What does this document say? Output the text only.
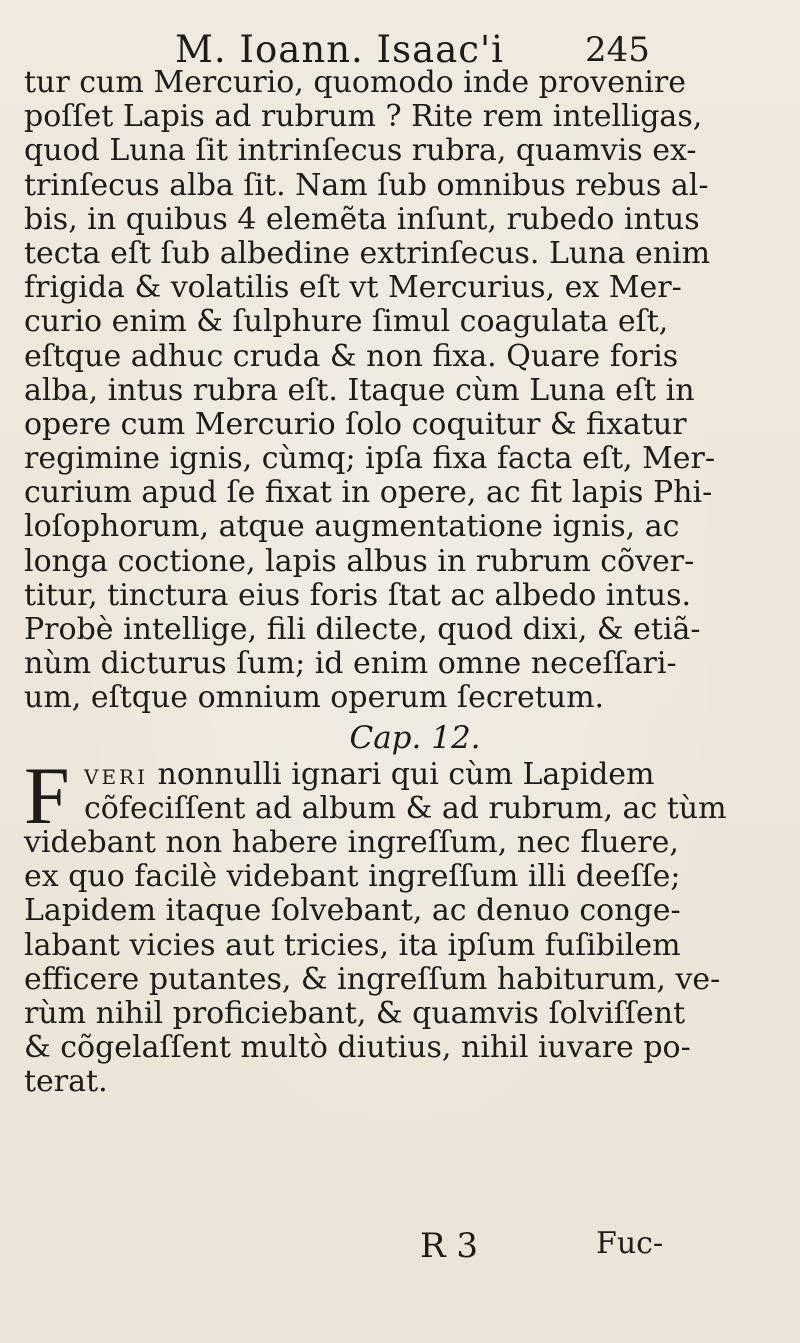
M. Ioann. Isaac'i 245
tur cum Mercurio, quomodo inde provenire
poſſet Lapis ad rubrum ? Rite rem intelligas,
quod Luna ſit intrinſecus rubra, quamvis ex-
trinſecus alba ſit. Nam ſub omnibus rebus al-
bis, in quibus 4 elemẽta inſunt, rubedo intus
tecta eſt ſub albedine extrinſecus. Luna enim
frigida & volatilis eſt vt Mercurius, ex Mer-
curio enim & ſulphure ſimul coagulata eſt,
eſtque adhuc cruda & non fixa. Quare foris
alba, intus rubra eſt. Itaque cùm Luna eſt in
opere cum Mercurio ſolo coquitur & fixatur
regimine ignis, cùmq; ipſa fixa facta eſt, Mer-
curium apud ſe fixat in opere, ac fit lapis Phi-
loſophorum, atque augmentatione ignis, ac
longa coctione, lapis albus in rubrum cõver-
titur, tinctura eius foris ſtat ac albedo intus.
Probè intellige, fili dilecte, quod dixi, & etiã-
nùm dicturus ſum; id enim omne neceſſari-
um, eſtque omnium operum ſecretum.
Cap. 12.
F VERI nonnulli ignari qui cùm Lapidem
cõfeciſſent ad album & ad rubrum, ac tùm
videbant non habere ingreſſum, nec fluere,
ex quo facilè videbant ingreſſum illi deeſſe;
Lapidem itaque ſolvebant, ac denuo conge-
labant vicies aut tricies, ita ipſum fuſibilem
efficere putantes, & ingreſſum habiturum, ve-
rùm nihil proficiebant, & quamvis ſolviſſent
& cõgelaſſent multò diutius, nihil iuvare po-
terat.
R 3	Fuc-
